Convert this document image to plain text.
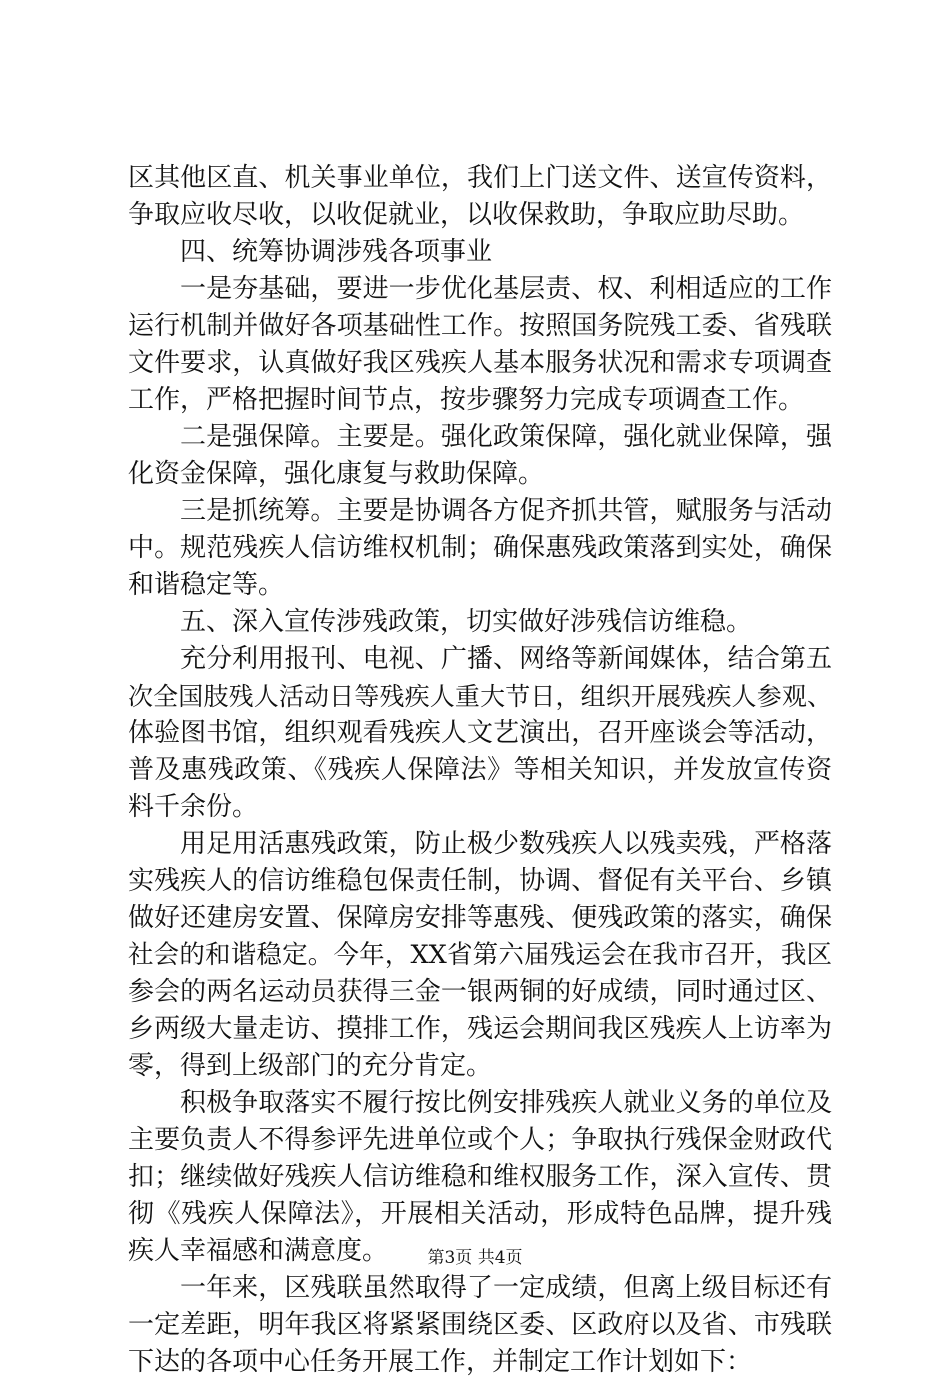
区其他区直、机关事业单位，我们上门送文件、送宣传资料，
争取应收尽收，以收促就业，以收保救助，争取应助尽助。
四、统筹协调涉残各项事业
一是夯基础，要进一步优化基层责、权、利相适应的工作
运行机制并做好各项基础性工作。按照国务院残工委、省残联
文件要求，认真做好我区残疾人基本服务状况和需求专项调查
工作，严格把握时间节点，按步骤努力完成专项调查工作。
二是强保障。主要是。强化政策保障，强化就业保障，强
化资金保障，强化康复与救助保障。
三是抓统筹。主要是协调各方促齐抓共管，赋服务与活动
中。规范残疾人信访维权机制；确保惠残政策落到实处，确保
和谐稳定等。
五、深入宣传涉残政策，切实做好涉残信访维稳。
充分利用报刊、电视、广播、网络等新闻媒体，结合第五
次全国肢残人活动日等残疾人重大节日，组织开展残疾人参观、
体验图书馆，组织观看残疾人文艺演出，召开座谈会等活动，
普及惠残政策、《残疾人保障法》等相关知识，并发放宣传资
料千余份。
用足用活惠残政策，防止极少数残疾人以残卖残，严格落
实残疾人的信访维稳包保责任制，协调、督促有关平台、乡镇
做好还建房安置、保障房安排等惠残、便残政策的落实，确保
社会的和谐稳定。今年，XX省第六届残运会在我市召开，我区
参会的两名运动员获得三金一银两铜的好成绩，同时通过区、
乡两级大量走访、摸排工作，残运会期间我区残疾人上访率为
零，得到上级部门的充分肯定。
积极争取落实不履行按比例安排残疾人就业义务的单位及
主要负责人不得参评先进单位或个人；争取执行残保金财政代
扣；继续做好残疾人信访维稳和维权服务工作，深入宣传、贯
彻《残疾人保障法》，开展相关活动，形成特色品牌，提升残
疾人幸福感和满意度。
一年来，区残联虽然取得了一定成绩，但离上级目标还有
一定差距，明年我区将紧紧围绕区委、区政府以及省、市残联
下达的各项中心任务开展工作，并制定工作计划如下：
第3页 共4页
